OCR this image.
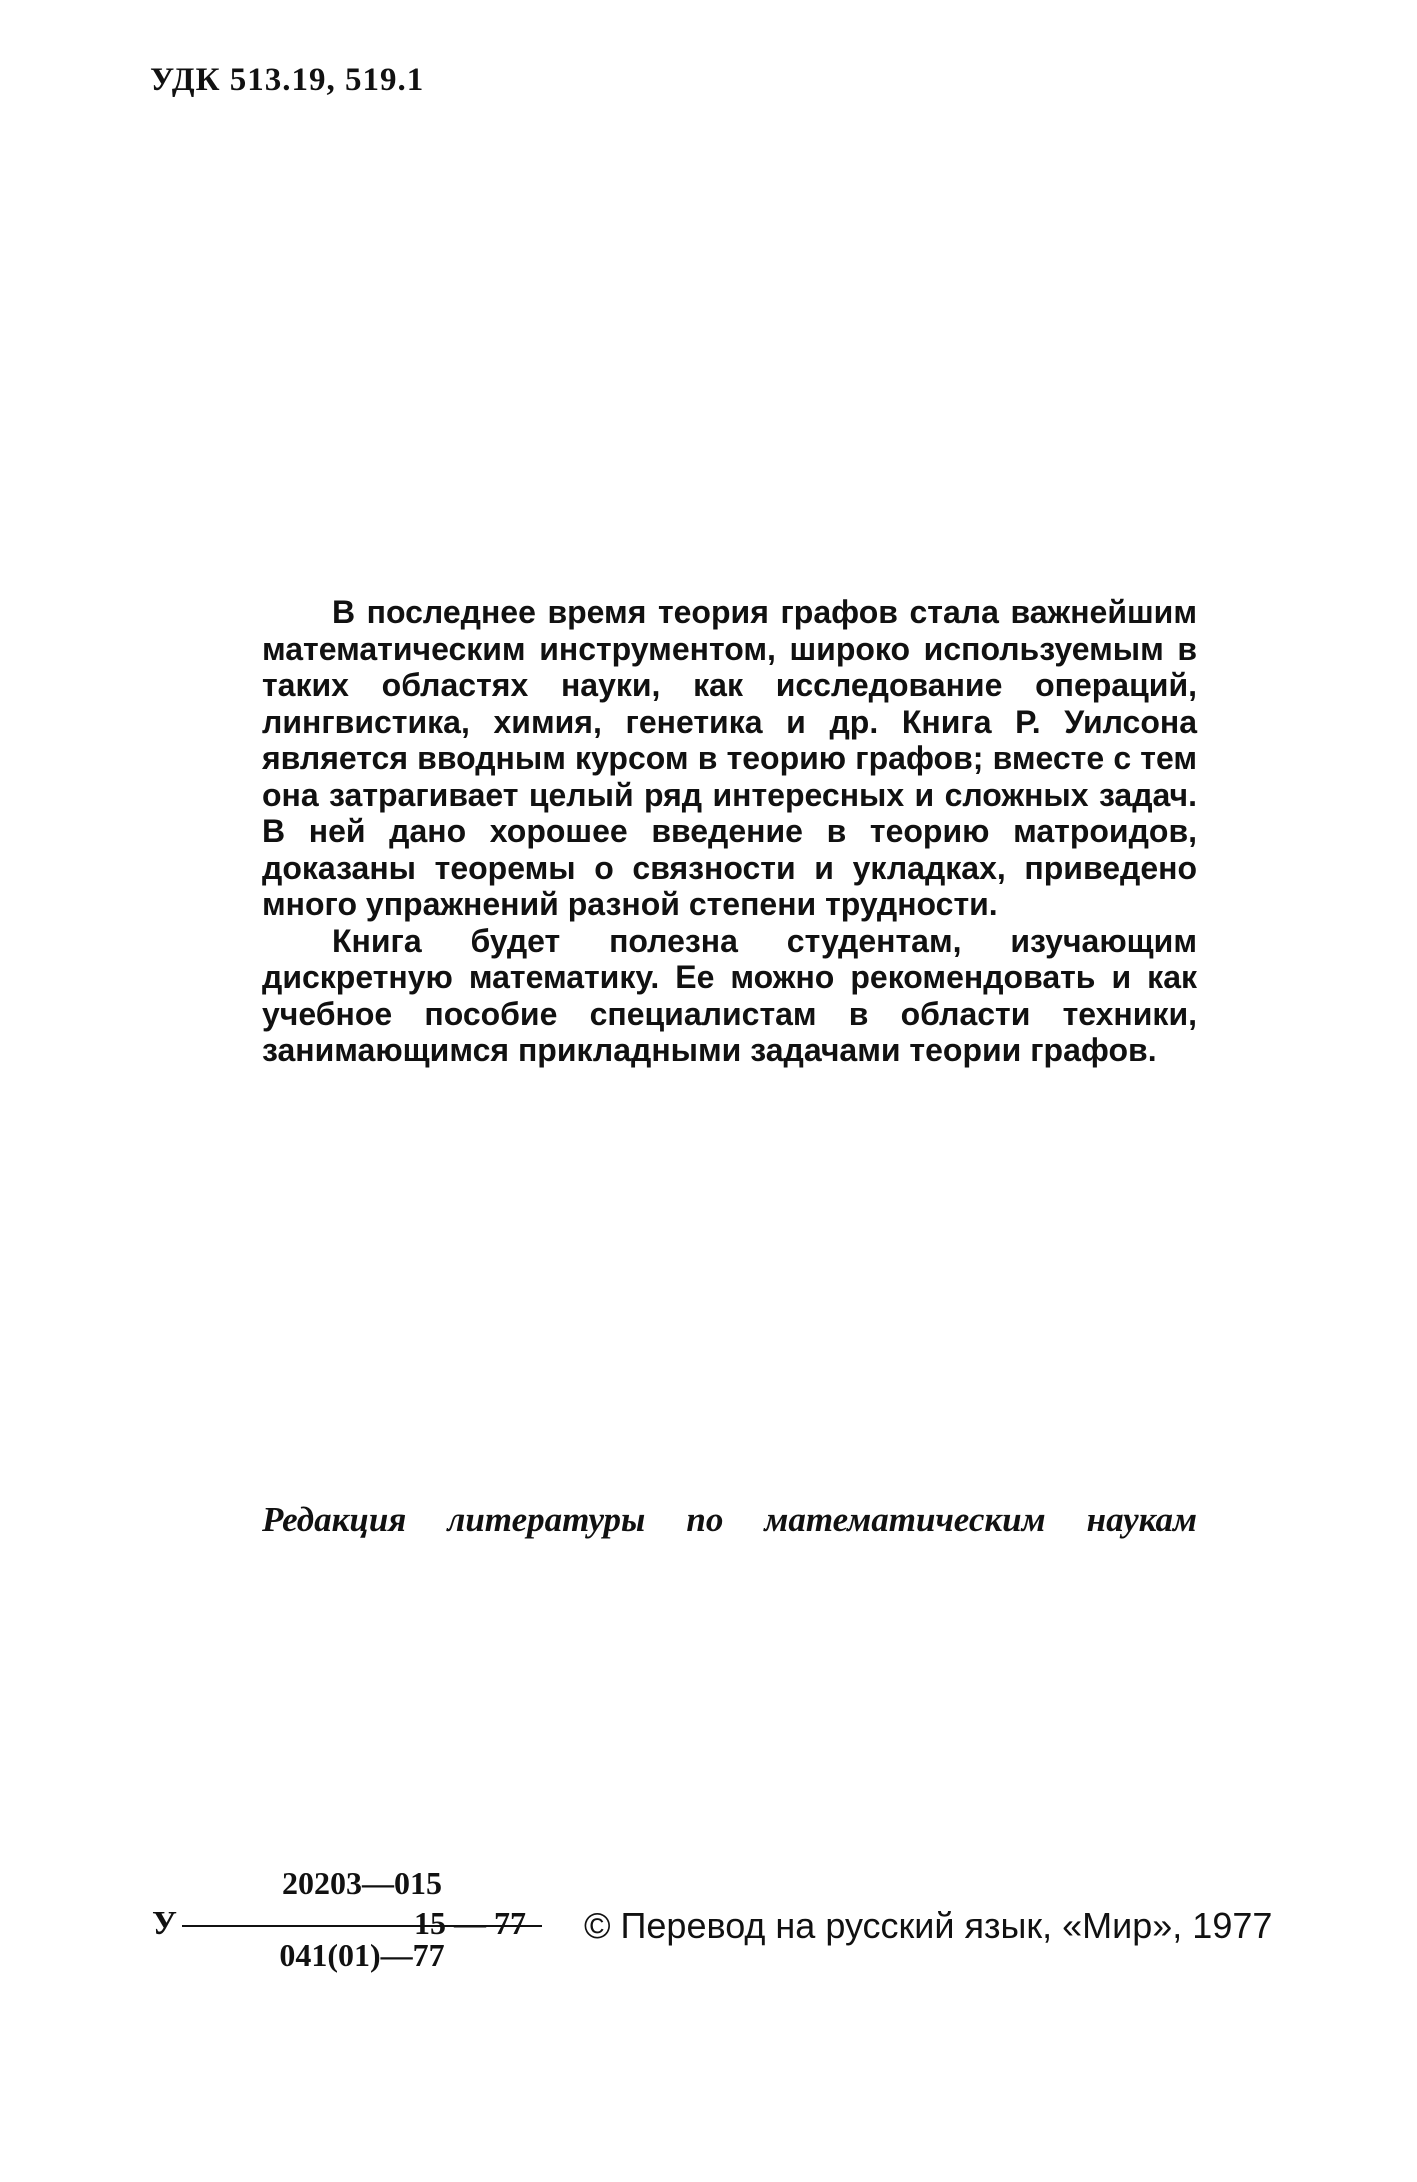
УДК 513.19, 519.1

В последнее время теория графов стала важнейшим математическим инструментом, широко используемым в таких областях науки, как исследование операций, лингвистика, химия, генетика и др. Книга Р. Уилсона является вводным курсом в теорию графов; вместе с тем она затрагивает целый ряд интересных и сложных задач. В ней дано хорошее введение в теорию матроидов, доказаны теоремы о связности и укладках, приведено много упражнений разной степени трудности.

Книга будет полезна студентам, изучающим дискретную математику. Ее можно рекомендовать и как учебное пособие специалистам в области техники, занимающимся прикладными задачами теории графов.

Редакция литературы по математическим наукам
У
20203—015
041(01)—77
15 — 77 © Перевод на русский язык, «Мир», 1977
